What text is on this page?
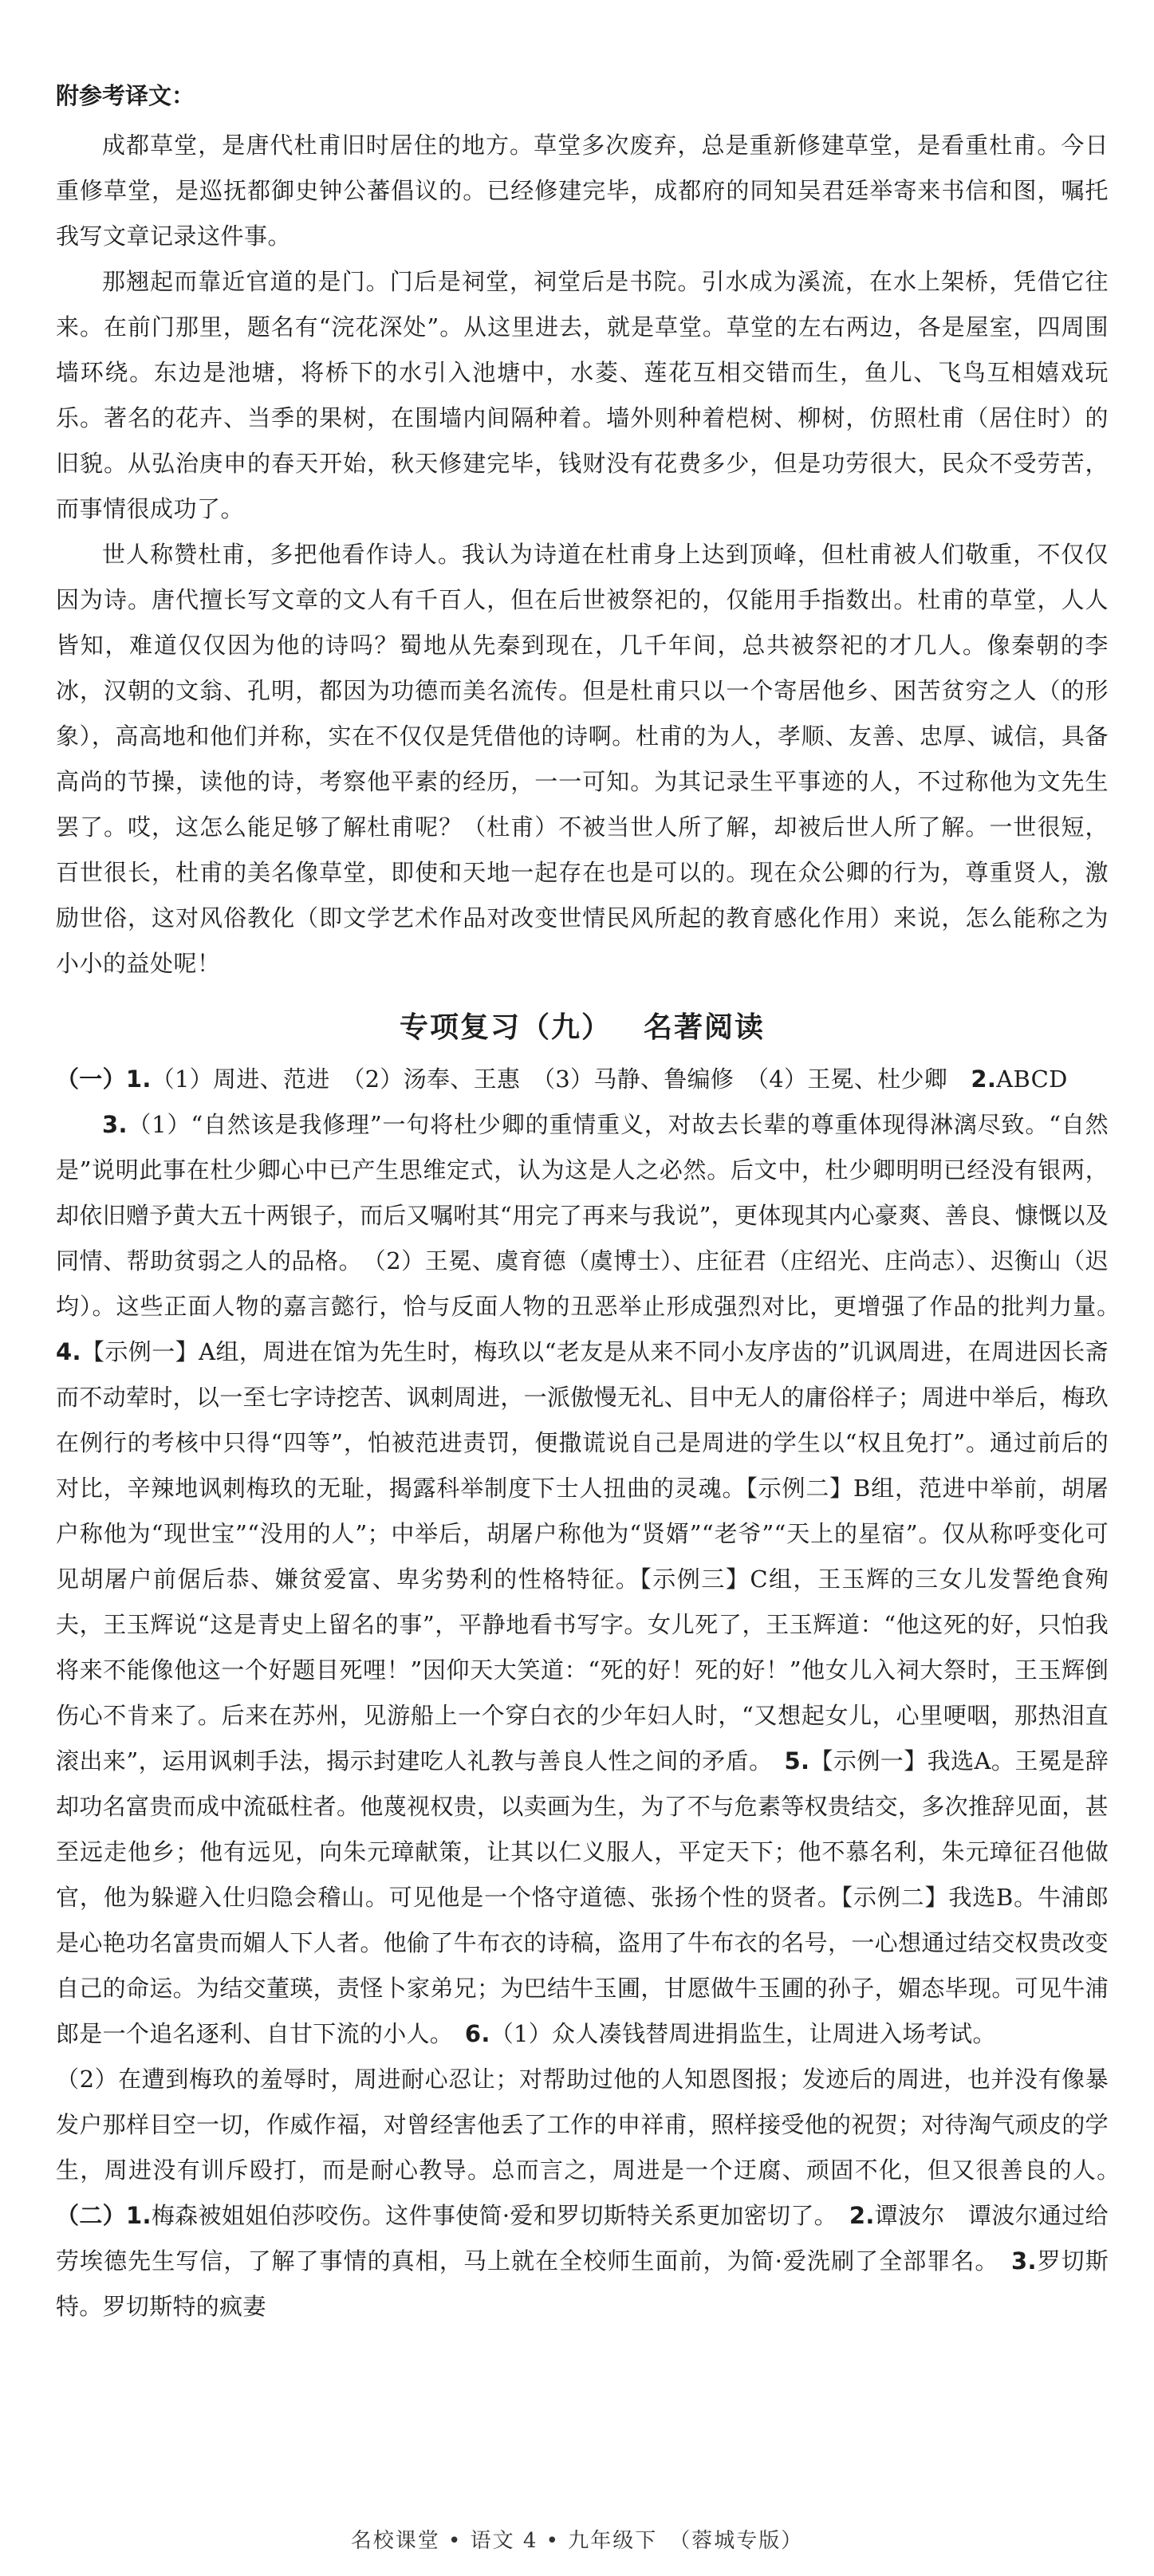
附参考译文：

成都草堂，是唐代杜甫旧时居住的地方。草堂多次废弃，总是重新修建草堂，是看重杜甫。今日重修草堂，是巡抚都御史钟公蕃倡议的。已经修建完毕，成都府的同知吴君廷举寄来书信和图，嘱托我写文章记录这件事。

那翘起而靠近官道的是门。门后是祠堂，祠堂后是书院。引水成为溪流，在水上架桥，凭借它往来。在前门那里，题名有“浣花深处”。从这里进去，就是草堂。草堂的左右两边，各是屋室，四周围墙环绕。东边是池塘，将桥下的水引入池塘中，水菱、莲花互相交错而生，鱼儿、飞鸟互相嬉戏玩乐。著名的花卉、当季的果树，在围墙内间隔种着。墙外则种着桤树、柳树，仿照杜甫（居住时）的旧貌。从弘治庚申的春天开始，秋天修建完毕，钱财没有花费多少，但是功劳很大，民众不受劳苦，而事情很成功了。

世人称赞杜甫，多把他看作诗人。我认为诗道在杜甫身上达到顶峰，但杜甫被人们敬重，不仅仅因为诗。唐代擅长写文章的文人有千百人，但在后世被祭祀的，仅能用手指数出。杜甫的草堂，人人皆知，难道仅仅因为他的诗吗？蜀地从先秦到现在，几千年间，总共被祭祀的才几人。像秦朝的李冰，汉朝的文翁、孔明，都因为功德而美名流传。但是杜甫只以一个寄居他乡、困苦贫穷之人（的形象），高高地和他们并称，实在不仅仅是凭借他的诗啊。杜甫的为人，孝顺、友善、忠厚、诚信，具备高尚的节操，读他的诗，考察他平素的经历，一一可知。为其记录生平事迹的人，不过称他为文先生罢了。哎，这怎么能足够了解杜甫呢？（杜甫）不被当世人所了解，却被后世人所了解。一世很短，百世很长，杜甫的美名像草堂，即使和天地一起存在也是可以的。现在众公卿的行为，尊重贤人，激励世俗，这对风俗教化（即文学艺术作品对改变世情民风所起的教育感化作用）来说，怎么能称之为小小的益处呢！

专项复习（九） 名著阅读

（一）1.（1）周进、范进　（2）汤奉、王惠　（3）马静、鲁编修　（4）王冕、杜少卿　2.ABCD

3.（1）“自然该是我修理”一句将杜少卿的重情重义，对故去长辈的尊重体现得淋漓尽致。“自然是”说明此事在杜少卿心中已产生思维定式，认为这是人之必然。后文中，杜少卿明明已经没有银两，却依旧赠予黄大五十两银子，而后又嘱咐其“用完了再来与我说”，更体现其内心豪爽、善良、慷慨以及同情、帮助贫弱之人的品格。　（2）王冕、虞育德（虞博士）、庄征君（庄绍光、庄尚志）、迟衡山（迟均）。这些正面人物的嘉言懿行，恰与反面人物的丑恶举止形成强烈对比，更增强了作品的批判力量。　4.【示例一】A组，周进在馆为先生时，梅玖以“老友是从来不同小友序齿的”讥讽周进，在周进因长斋而不动荤时，以一至七字诗挖苦、讽刺周进，一派傲慢无礼、目中无人的庸俗样子；周进中举后，梅玖在例行的考核中只得“四等”，怕被范进责罚，便撒谎说自己是周进的学生以“权且免打”。通过前后的对比，辛辣地讽刺梅玖的无耻，揭露科举制度下士人扭曲的灵魂。【示例二】B组，范进中举前，胡屠户称他为“现世宝”“没用的人”；中举后，胡屠户称他为“贤婿”“老爷”“天上的星宿”。仅从称呼变化可见胡屠户前倨后恭、嫌贫爱富、卑劣势利的性格特征。【示例三】C组，王玉辉的三女儿发誓绝食殉夫，王玉辉说“这是青史上留名的事”，平静地看书写字。女儿死了，王玉辉道：“他这死的好，只怕我将来不能像他这一个好题目死哩！”因仰天大笑道：“死的好！死的好！”他女儿入祠大祭时，王玉辉倒伤心不肯来了。后来在苏州，见游船上一个穿白衣的少年妇人时，“又想起女儿，心里哽咽，那热泪直滚出来”，运用讽刺手法，揭示封建吃人礼教与善良人性之间的矛盾。　5.【示例一】我选A。王冕是辞却功名富贵而成中流砥柱者。他蔑视权贵，以卖画为生，为了不与危素等权贵结交，多次推辞见面，甚至远走他乡；他有远见，向朱元璋献策，让其以仁义服人，平定天下；他不慕名利，朱元璋征召他做官，他为躲避入仕归隐会稽山。可见他是一个恪守道德、张扬个性的贤者。【示例二】我选B。牛浦郎是心艳功名富贵而媚人下人者。他偷了牛布衣的诗稿，盗用了牛布衣的名号，一心想通过结交权贵改变自己的命运。为结交董瑛，责怪卜家弟兄；为巴结牛玉圃，甘愿做牛玉圃的孙子，媚态毕现。可见牛浦郎是一个追名逐利、自甘下流的小人。　6.（1）众人凑钱替周进捐监生，让周进入场考试。

（2）在遭到梅玖的羞辱时，周进耐心忍让；对帮助过他的人知恩图报；发迹后的周进，也并没有像暴发户那样目空一切，作威作福，对曾经害他丢了工作的申祥甫，照样接受他的祝贺；对待淘气顽皮的学生，周进没有训斥殴打，而是耐心教导。总而言之，周进是一个迂腐、顽固不化，但又很善良的人。　（二）1.梅森被姐姐伯莎咬伤。这件事使简·爱和罗切斯特关系更加密切了。　2.谭波尔　谭波尔通过给劳埃德先生写信，了解了事情的真相，马上就在全校师生面前，为简·爱洗刷了全部罪名。　3.罗切斯特。罗切斯特的疯妻

名校课堂 • 语文 4 • 九年级下　（蓉城专版）
